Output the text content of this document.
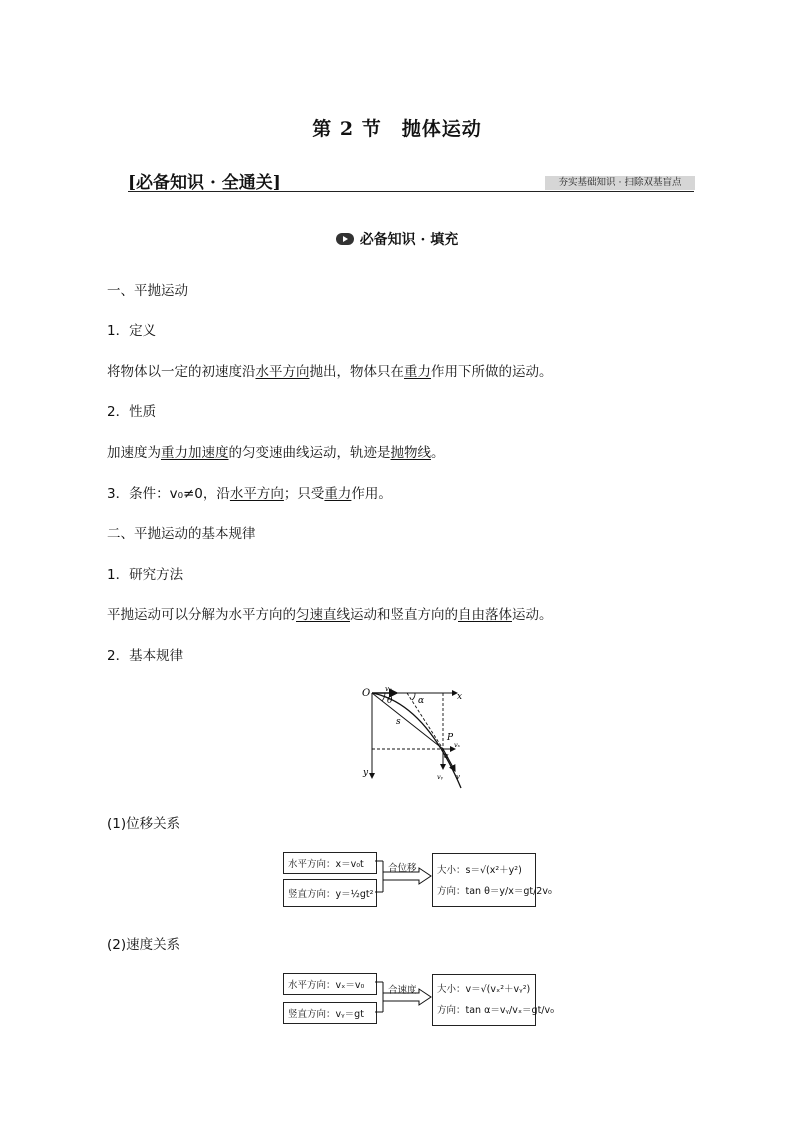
第 2 节　抛体运动
[必备知识 · 全通关]	夯实基础知识 · 扫除双基盲点
必备知识 · 填充
一、平抛运动
1．定义
将物体以一定的初速度沿水平方向抛出，物体只在重力作用下所做的运动。
2．性质
加速度为重力加速度的匀变速曲线运动，轨迹是抛物线。
3．条件：v₀≠0，沿水平方向；只受重力作用。
二、平抛运动的基本规律
1．研究方法
平抛运动可以分解为水平方向的匀速直线运动和竖直方向的自由落体运动。
2．基本规律
O	x
y
v₀
θ	α
s
P
vₓ
vᵧ v
α
(1)位移关系
水平方向：x＝v₀t
竖直方向：y＝½gt²
合位移	大小：s＝√(x²＋y²)
方向：tan θ＝y/x＝gt/2v₀
(2)速度关系
水平方向：vₓ＝v₀
竖直方向：vᵧ＝gt
合速度	大小：v＝√(vₓ²＋vᵧ²)
方向：tan α＝vᵧ/vₓ＝gt/v₀
